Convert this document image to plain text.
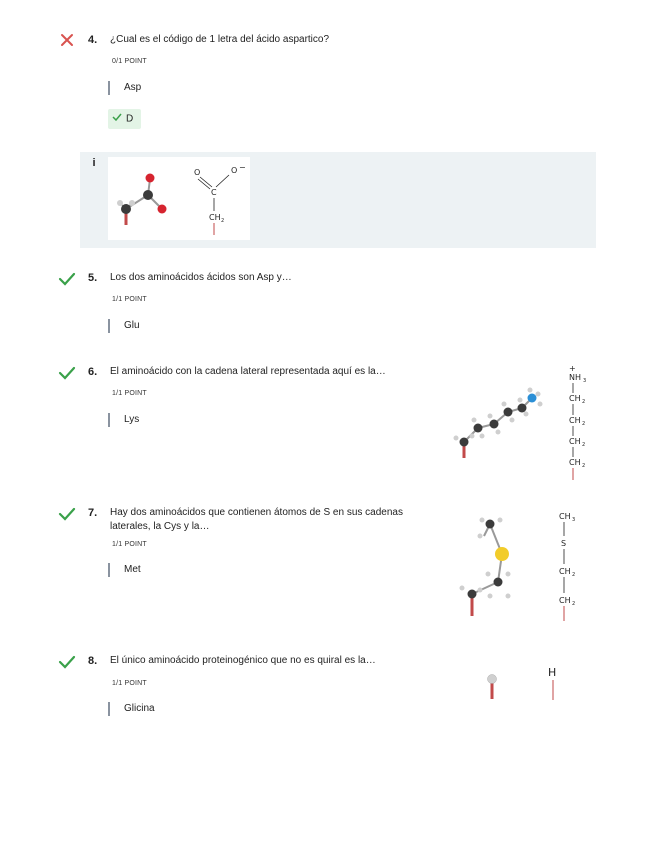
4. ¿Cual es el código de 1 letra del ácido aspartico?
0/1 POINT
Asp
D
i
O	O −
C
CH 2
5. Los dos aminoácidos ácidos son Asp y…
1/1 POINT
Glu
6. El aminoácido con la cadena lateral representada aquí es la…
1/1 POINT
Lys
+
NH 3
CH 2
CH 2
CH 2
CH 2
7. Hay dos aminoácidos que contienen átomos de S en sus cadenas
laterales, la Cys y la…
1/1 POINT
Met
CH 3
S
CH 2
CH 2
8. El único aminoácido proteinogénico que no es quiral es la…
1/1 POINT
Glicina
H
